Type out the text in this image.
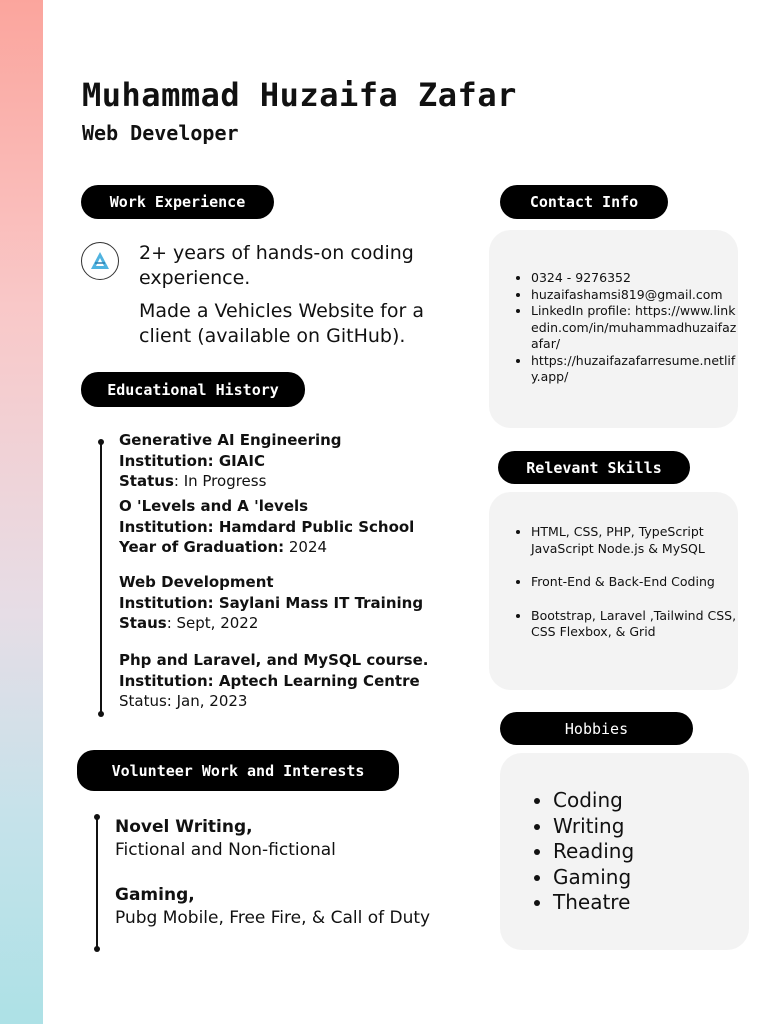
Muhammad Huzaifa Zafar
Web Developer
Work Experience
2+ years of hands-on coding experience.
Made a Vehicles Website for a client (available on GitHub).
Educational History
Generative AI Engineering
Institution: GIAIC
Status: In Progress
O 'Levels and A 'levels
Institution: Hamdard Public School
Year of Graduation: 2024
Web Development
Institution: Saylani Mass IT Training
Staus: Sept, 2022
Php and Laravel, and MySQL course.
Institution: Aptech Learning Centre
Status: Jan, 2023
Volunteer Work and Interests
Novel Writing,
Fictional and Non-fictional
Gaming,
Pubg Mobile, Free Fire, & Call of Duty
Contact Info
• 0324 - 9276352
• huzaifashamsi819@gmail.com
• LinkedIn profile: https://www.linkedin.com/in/muhammadhuzaifazafar/
• https://huzaifazafarresume.netlify.app/
Relevant Skills
• HTML, CSS, PHP, TypeScript JavaScript Node.js & MySQL
• Front-End & Back-End Coding
• Bootstrap, Laravel ,Tailwind CSS, CSS Flexbox, & Grid
Hobbies
• Coding
• Writing
• Reading
• Gaming
• Theatre
